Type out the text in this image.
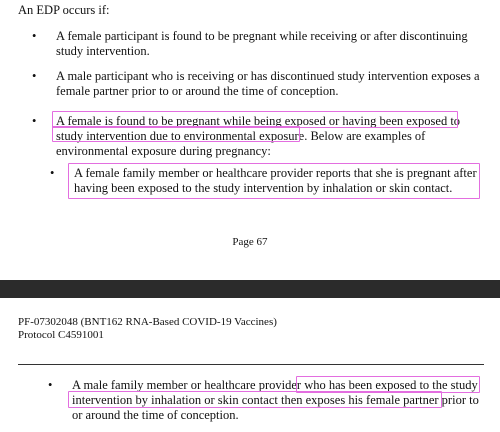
An EDP occurs if:
•	A female participant is found to be pregnant while receiving or after discontinuing
study intervention.
•	A male participant who is receiving or has discontinued study intervention exposes a
female partner prior to or around the time of conception.
•	A female is found to be pregnant while being exposed or having been exposed to
study intervention due to environmental exposure. Below are examples of
environmental exposure during pregnancy:
•	A female family member or healthcare provider reports that she is pregnant after
having been exposed to the study intervention by inhalation or skin contact.
Page 67
PF-07302048 (BNT162 RNA-Based COVID-19 Vaccines)
Protocol C4591001
•	A male family member or healthcare provider who has been exposed to the study
intervention by inhalation or skin contact then exposes his female partner prior to
or around the time of conception.
